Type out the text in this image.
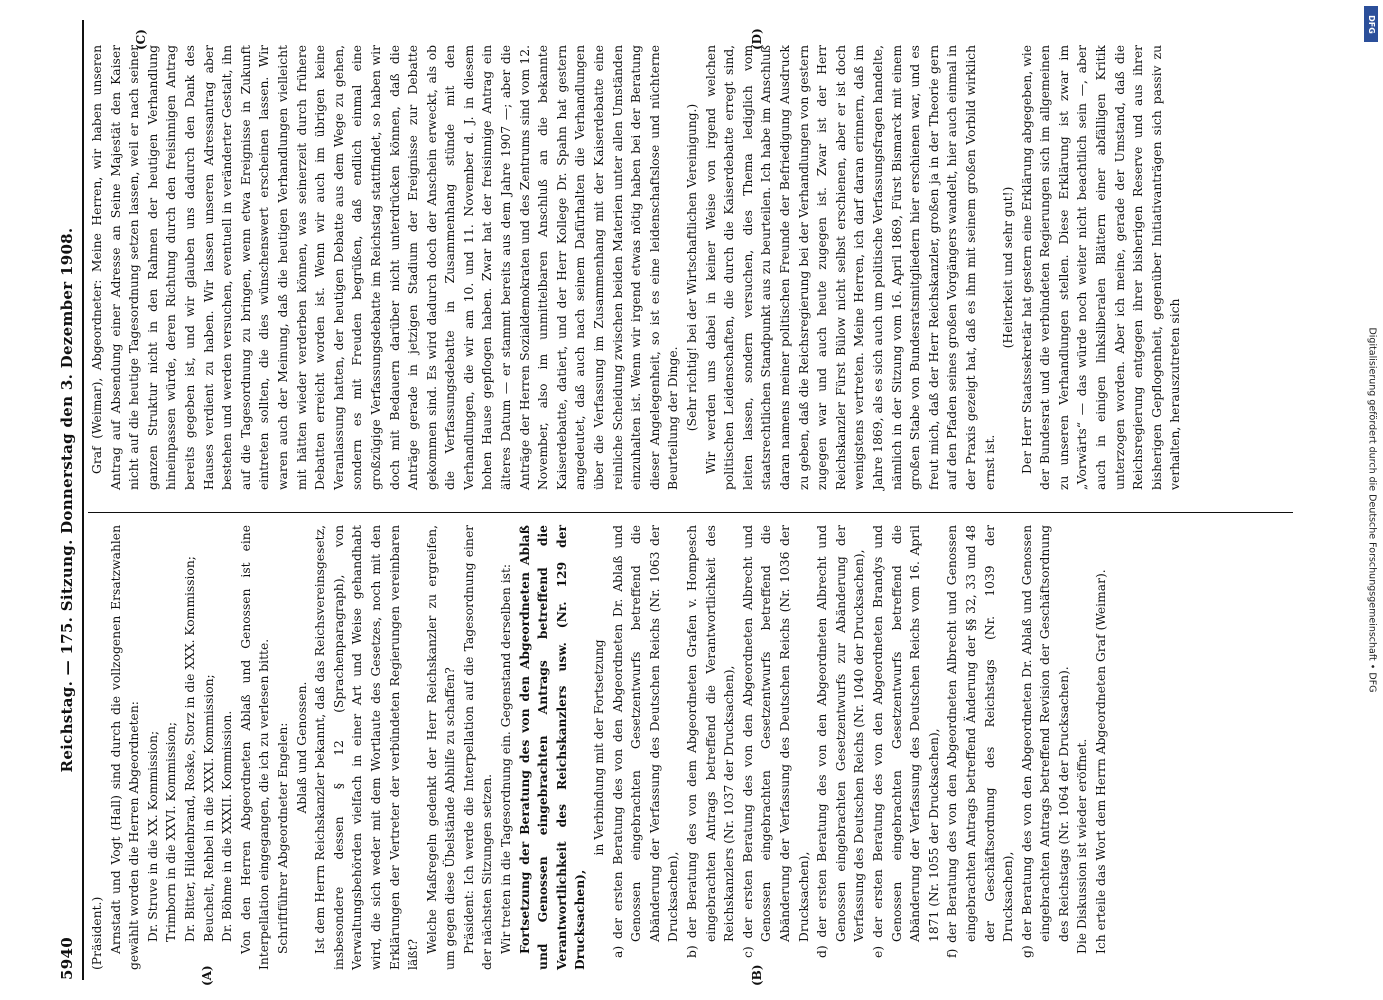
5940
Reichstag. — 175. Sitzung. Donnerstag den 3. Dezember 1908.
(A)	(B)
(C)	(D)

(Präsident.) Arnstadt und Vogt (Hall) sind durch die vollzogenen Ersatzwahlen gewählt worden die Herren Abgeordneten: Dr. Struve in die XX. Kommission; Trimborn in die XXVI. Kommission; Dr. Bitter, Hildenbrand, Roske, Storz in die XXX. Kommission; Beuchelt, Rehbel in die XXXI. Kommission; Dr. Böhme in die XXXII. Kommission. Von den Herren Abgeordneten Ablaß und Genossen ist eine Interpellation eingegangen, die ich zu verlesen bitte. Schriftführer Abgeordneter Engelen: Ablaß und Genossen. Ist dem Herrn Reichskanzler bekannt, daß das Reichsvereinsgesetz, insbesondere dessen § 12 (Sprachenparagraph), von Verwaltungsbehörden vielfach in einer Art und Weise gehandhabt wird, die sich weder mit dem Wortlaute des Gesetzes, noch mit den Erklärungen der Vertreter der verbündeten Regierungen vereinbaren läßt?

Welche Maßregeln gedenkt der Herr Reichskanzler zu ergreifen, um gegen diese Übelstände Abhilfe zu schaffen? Präsident: Ich werde die Interpellation auf die Tagesordnung einer der nächsten Sitzungen setzen. Wir treten in die Tagesordnung ein. Gegenstand derselben ist: Fortsetzung der Beratung des von den Abgeordneten Ablaß und Genossen eingebrachten Antrags betreffend die Verantwortlichkeit des Reichskanzlers usw. (Nr. 129 der Drucksachen),

in Verbindung mit der Fortsetzung a) der ersten Beratung des von den Abgeordneten Dr. Ablaß und Genossen eingebrachten Gesetzentwurfs betreffend die Abänderung der Verfassung des Deutschen Reichs (Nr. 1063 der Drucksachen), b) der Beratung des von dem Abgeordneten Grafen v. Hompesch eingebrachten Antrags betreffend die Verantwortlichkeit des Reichskanzlers (Nr. 1037 der Drucksachen), c) der ersten Beratung des von den Abgeordneten Albrecht und Genossen eingebrachten Gesetzentwurfs betreffend die Abänderung der Verfassung des Deutschen Reichs (Nr. 1036 der Drucksachen), d) der ersten Beratung des von den Abgeordneten Albrecht und Genossen eingebrachten Gesetzentwurfs zur Abänderung der Verfassung des Deutschen Reichs (Nr. 1040 der Drucksachen), e) der ersten Beratung des von den Abgeordneten Brandys und Genossen eingebrachten Gesetzentwurfs betreffend die Abänderung der Verfassung des Deutschen Reichs vom 16. April 1871 (Nr. 1055 der Drucksachen), f) der Beratung des von den Abgeordneten Albrecht und Genossen eingebrachten Antrags betreffend Änderung der §§ 32, 33 und 48 der Geschäftsordnung des Reichstags (Nr. 1039 der Drucksachen), g) der Beratung des von den Abgeordneten Dr. Ablaß und Genossen eingebrachten Antrags betreffend Revision der Geschäftsordnung des Reichstags (Nr. 1064 der Drucksachen). Die Diskussion ist wieder eröffnet. Ich erteile das Wort dem Herrn Abgeordneten Graf (Weimar).

Graf (Weimar), Abgeordneter: Meine Herren, wir haben unseren Antrag auf Absendung einer Adresse an Seine Majestät den Kaiser nicht auf die heutige Tagesordnung setzen lassen, weil er nach seiner ganzen Struktur nicht in den Rahmen der heutigen Verhandlung hineinpassen würde, deren Richtung durch den freisinnigen Antrag bereits gegeben ist, und wir glauben uns dadurch den Dank des Hauses verdient zu haben. Wir lassen unseren Adressantrag aber bestehen und werden versuchen, eventuell in veränderter Gestalt, ihn auf die Tagesordnung zu bringen, wenn etwa Ereignisse in Zukunft eintreten sollten, die dies wünschenswert erscheinen lassen. Wir waren auch der Meinung, daß die heutigen Verhandlungen vielleicht mit hätten wieder verderben können, was seinerzeit durch frühere Debatten erreicht worden ist. Wenn wir auch im übrigen keine Veranlassung hatten, der heutigen Debatte aus dem Wege zu gehen, sondern es mit Freuden begrüßen, daß endlich einmal eine großzügige Verfassungsdebatte im Reichstag stattfindet, so haben wir doch mit Bedauern darüber nicht unterdrücken können, daß die Anträge gerade in jetzigen Stadium der Ereignisse zur Debatte gekommen sind. Es wird dadurch doch der Anschein erweckt, als ob die Verfassungsdebatte in Zusammenhang stünde mit den Verhandlungen, die wir am 10. und 11. November d. J. in diesem hohen Hause gepflogen haben. Zwar hat der freisinnige Antrag ein älteres Datum — er stammt bereits aus dem Jahre 1907 —; aber die Anträge der Herren Sozialdemokraten und des Zentrums sind vom 12. November, also im unmittelbaren Anschluß an die bekannte Kaiserdebatte, datiert, und der Herr Kollege Dr. Spahn hat gestern angedeutet, daß auch nach seinem Dafürhalten die Verhandlungen über die Verfassung im Zusammenhang mit der Kaiserdebatte eine reinliche Scheidung zwischen beiden Materien unter allen Umständen einzuhalten ist. Wenn wir irgend etwas nötig haben bei der Beratung dieser Angelegenheit, so ist es eine leidenschaftslose und nüchterne Beurteilung der Dinge. (Sehr richtig! bei der Wirtschaftlichen Vereinigung.) Wir werden uns dabei in keiner Weise von irgend welchen politischen Leidenschaften, die durch die Kaiserdebatte erregt sind, leiten lassen, sondern versuchen, dies Thema lediglich vom staatsrechtlichen Standpunkt aus zu beurteilen. Ich habe im Anschluß daran namens meiner politischen Freunde der Befriedigung Ausdruck zu geben, daß die Reichsregierung bei der Verhandlungen von gestern zugegen war und auch heute zugegen ist. Zwar ist der Herr Reichskanzler Fürst Bülow nicht selbst erschienen, aber er ist doch wenigstens vertreten. Meine Herren, ich darf daran erinnern, daß im Jahre 1869, als es sich auch um politische Verfassungsfragen handelte, nämlich in der Sitzung vom 16. April 1869, Fürst Bismarck mit einem großen Stabe von Bundesratsmitgliedern hier erschienen war, und es freut mich, daß der Herr Reichskanzler, großen ja in der Theorie gern auf den Pfaden seines großen Vorgängers wandelt, hier auch einmal in der Praxis gezeigt hat, daß es ihm mit seinem großen Vorbild wirklich ernst ist.

(Heiterkeit und sehr gut!) Der Herr Staatssekretär hat gestern eine Erklärung abgegeben, wie der Bundesrat und die verbündeten Regierungen sich im allgemeinen zu unseren Verhandlungen stellen. Diese Erklärung ist zwar im „Vorwärts“ — das würde noch weiter nicht beachtlich sein —, aber auch in einigen linksliberalen Blättern einer abfälligen Kritik unterzogen worden. Aber ich meine, gerade der Umstand, daß die Reichsregierung entgegen ihrer bisherigen Reserve und aus ihrer bisherigen Gepflogenheit, gegenüber Initiativanträgen sich passiv zu verhalten, herauszutreten sich

DFG
Digitalisierung gefördert durch die Deutsche Forschungsgemeinschaft • DFG
